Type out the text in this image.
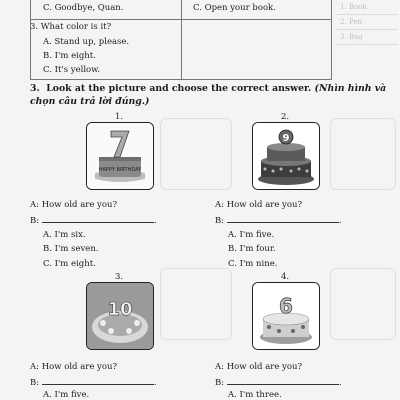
1. Book
2. Pen
3. Bag
C. Goodbye, Quan.	C. Open your book.
3. What color is it?
A. Stand up, please.
B. I'm eight.
C. It's yellow.
3. Look at the picture and choose the correct answer. (Nhìn hình và chọn câu trả lời đúng.)
1.
HAPPY BIRTHDAY
2.
9
A: How old are you?
B:	.
A. I'm six.
B. I'm seven.
C. I'm eight.
A: How old are you?
B:	.
A. I'm five.
B. I'm four.
C. I'm nine.
3.
10
4.
6
A: How old are you?
B:	.
A. I'm five.
A: How old are you?
B:	.
A. I'm three.
